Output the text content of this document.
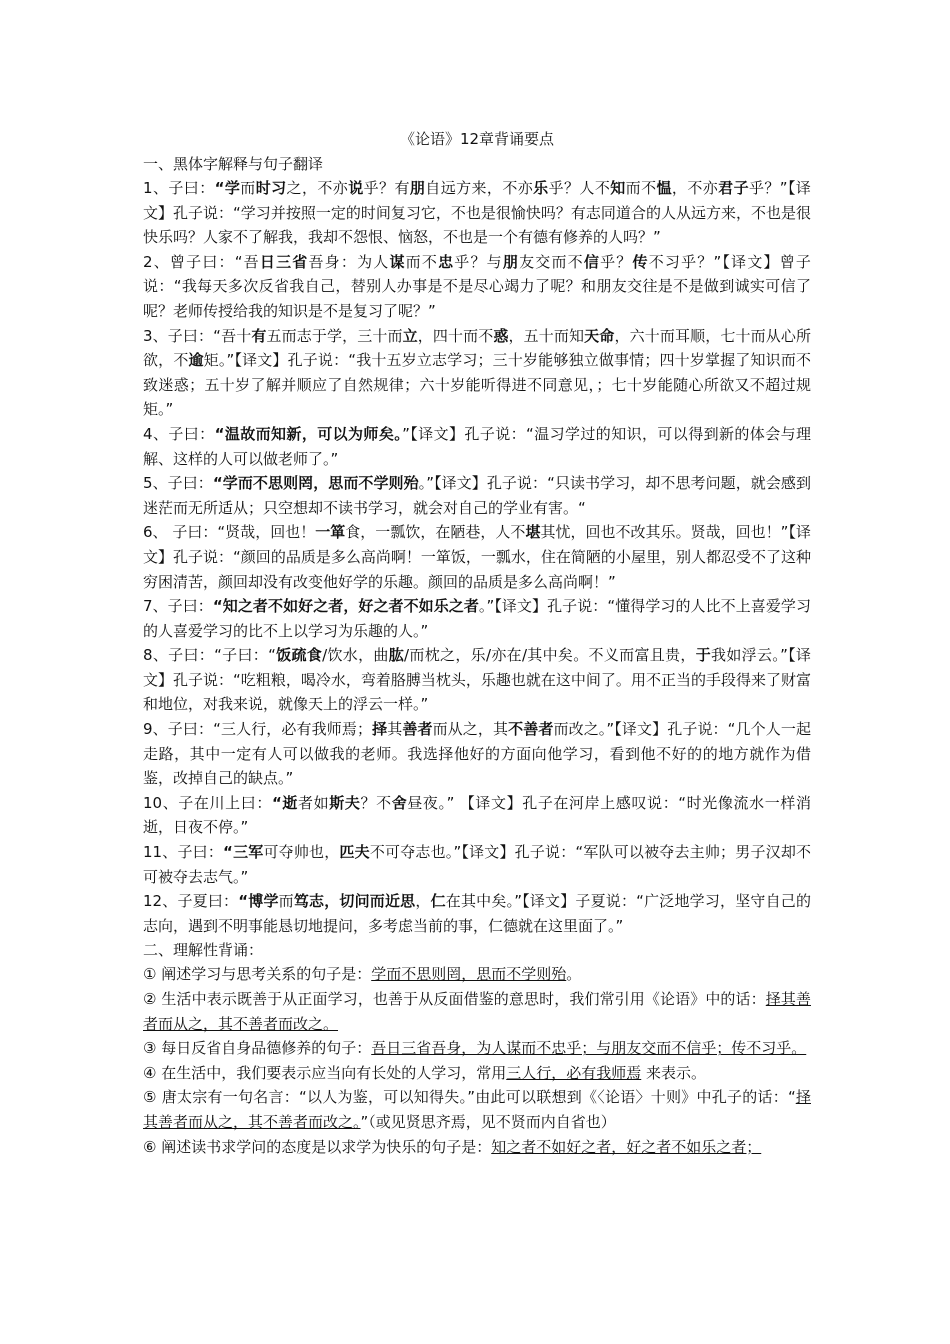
《论语》12章背诵要点
一、黑体字解释与句子翻译

1、子曰：“学而时习之，不亦说乎？有朋自远方来，不亦乐乎？人不知而不愠，不亦君子乎？”【译文】孔子说：“学习并按照一定的时间复习它，不也是很愉快吗？有志同道合的人从远方来，不也是很快乐吗？人家不了解我，我却不怨恨、恼怒，不也是一个有德有修养的人吗？”

2、曾子曰：“吾日三省吾身：为人谋而不忠乎？与朋友交而不信乎？传不习乎？”【译文】曾子说：“我每天多次反省我自己，替别人办事是不是尽心竭力了呢？和朋友交往是不是做到诚实可信了呢？老师传授给我的知识是不是复习了呢？”

3、子曰：“吾十有五而志于学，三十而立，四十而不惑，五十而知天命，六十而耳顺，七十而从心所欲，不逾矩。”【译文】孔子说：“我十五岁立志学习；三十岁能够独立做事情；四十岁掌握了知识而不致迷惑；五十岁了解并顺应了自然规律；六十岁能听得进不同意见，；七十岁能随心所欲又不超过规矩。”

4、子曰：“温故而知新，可以为师矣。”【译文】孔子说：“温习学过的知识，可以得到新的体会与理解、这样的人可以做老师了。”

5、子曰：“学而不思则罔，思而不学则殆。”【译文】孔子说：“只读书学习，却不思考问题，就会感到迷茫而无所适从；只空想却不读书学习，就会对自己的学业有害。“

6、 子曰：“贤哉，回也！一箪食，一瓢饮，在陋巷，人不堪其忧，回也不改其乐。贤哉，回也！”【译文】孔子说：“颜回的品质是多么高尚啊！一箪饭，一瓢水，住在简陋的小屋里，别人都忍受不了这种穷困清苦，颜回却没有改变他好学的乐趣。颜回的品质是多么高尚啊！”

7、子曰：“知之者不如好之者，好之者不如乐之者。”【译文】孔子说：“懂得学习的人比不上喜爱学习的人喜爱学习的比不上以学习为乐趣的人。”

8、子曰：“子曰：“饭疏食/饮水，曲肱/而枕之，乐/亦在/其中矣。不义而富且贵，于我如浮云。”【译文】孔子说：“吃粗粮，喝冷水，弯着胳膊当枕头，乐趣也就在这中间了。用不正当的手段得来了财富和地位，对我来说，就像天上的浮云一样。”

9、子曰：“三人行，必有我师焉；择其善者而从之，其不善者而改之。”【译文】孔子说：“几个人一起走路，其中一定有人可以做我的老师。我选择他好的方面向他学习，看到他不好的的地方就作为借鉴，改掉自己的缺点。”

10、子在川上曰：“逝者如斯夫？不舍昼夜。” 【译文】孔子在河岸上感叹说：“时光像流水一样消逝，日夜不停。”

11、子曰：“三军可夺帅也，匹夫不可夺志也。”【译文】孔子说：“军队可以被夺去主帅；男子汉却不可被夺去志气。”

12、子夏曰：“博学而笃志，切问而近思，仁在其中矣。”【译文】子夏说：“广泛地学习，坚守自己的志向，遇到不明事能恳切地提问，多考虑当前的事，仁德就在这里面了。”

二、理解性背诵：

① 阐述学习与思考关系的句子是：学而不思则罔，思而不学则殆。

② 生活中表示既善于从正面学习，也善于从反面借鉴的意思时，我们常引用《论语》中的话：择其善者而从之，其不善者而改之。

③ 每日反省自身品德修养的句子：吾日三省吾身，为人谋而不忠乎；与朋友交而不信乎；传不习乎。

④ 在生活中，我们要表示应当向有长处的人学习，常用三人行，必有我师焉 来表示。

⑤ 唐太宗有一句名言：“以人为鉴，可以知得失。”由此可以联想到《〈论语〉十则》中孔子的话：“择其善者而从之，其不善者而改之。”（或见贤思齐焉，见不贤而内自省也）

⑥ 阐述读书求学问的态度是以求学为快乐的句子是：知之者不如好之者，好之者不如乐之者；
